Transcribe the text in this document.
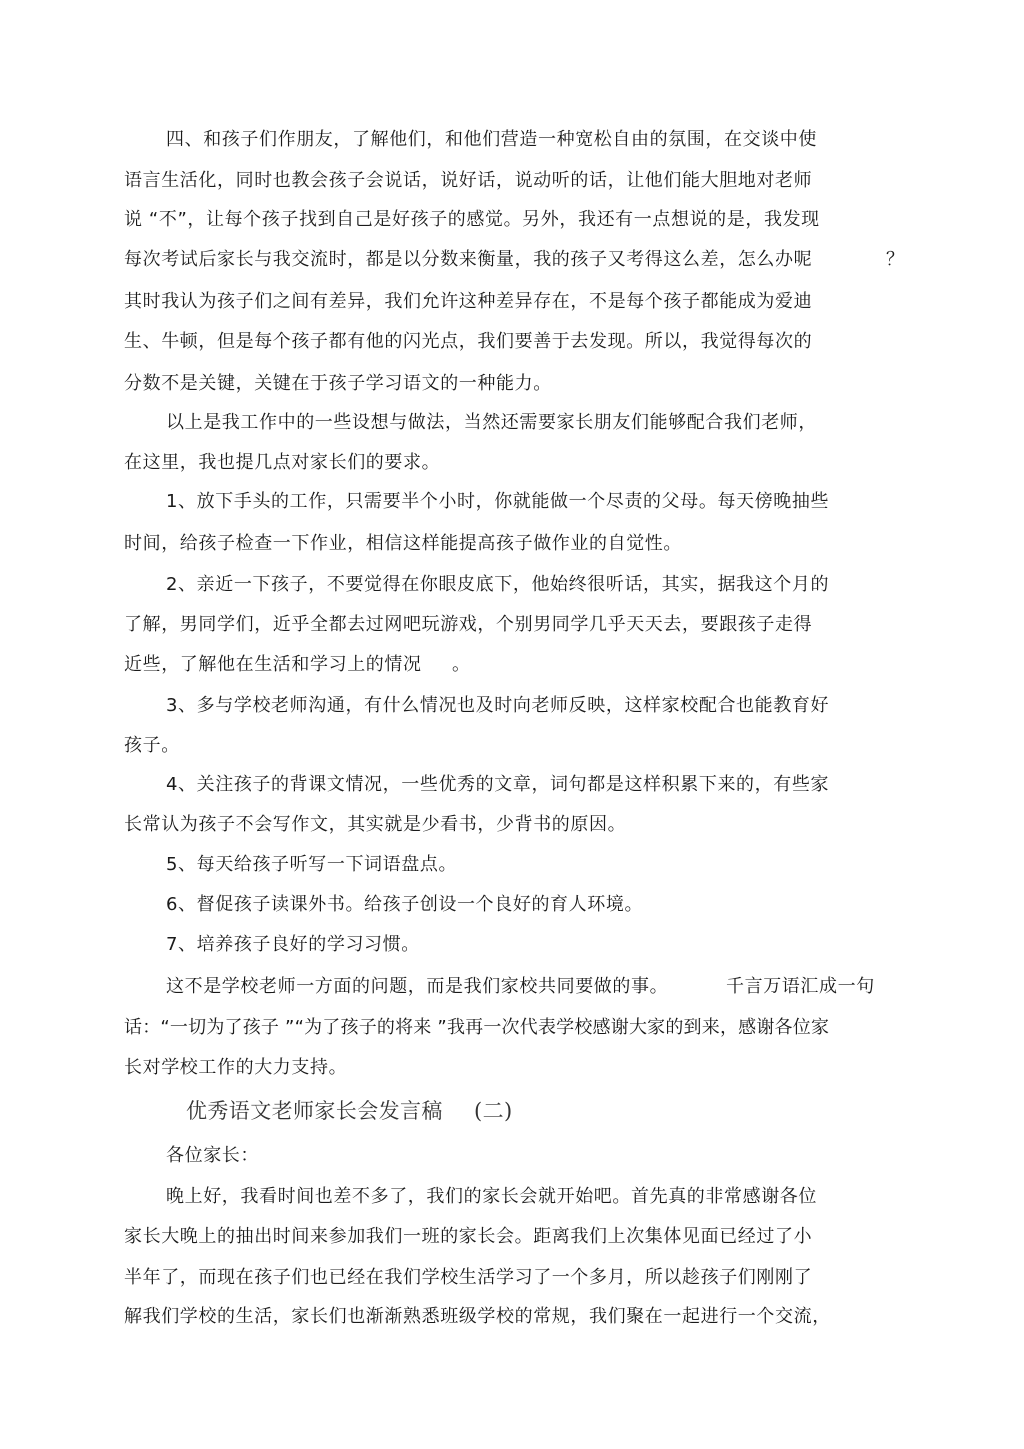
四、和孩子们作朋友，了解他们，和他们营造一种宽松自由的氛围，在交谈中使
语言生活化，同时也教会孩子会说话，说好话，说动听的话，让他们能大胆地对老师
说 “不”，让每个孩子找到自己是好孩子的感觉。另外，我还有一点想说的是，我发现
每次考试后家长与我交流时，都是以分数来衡量，我的孩子又考得这么差，怎么办呢	？
其时我认为孩子们之间有差异，我们允许这种差异存在，不是每个孩子都能成为爱迪
生、牛顿，但是每个孩子都有他的闪光点，我们要善于去发现。所以，我觉得每次的
分数不是关键，关键在于孩子学习语文的一种能力。
以上是我工作中的一些设想与做法，当然还需要家长朋友们能够配合我们老师，
在这里，我也提几点对家长们的要求。
1、放下手头的工作，只需要半个小时，你就能做一个尽责的父母。每天傍晚抽些
时间，给孩子检查一下作业，相信这样能提高孩子做作业的自觉性。
2、亲近一下孩子，不要觉得在你眼皮底下，他始终很听话，其实，据我这个月的
了解，男同学们，近乎全都去过网吧玩游戏，个别男同学几乎天天去，要跟孩子走得
近些，了解他在生活和学习上的情况 。
3、多与学校老师沟通，有什么情况也及时向老师反映，这样家校配合也能教育好
孩子。
4、关注孩子的背课文情况，一些优秀的文章，词句都是这样积累下来的，有些家
长常认为孩子不会写作文，其实就是少看书，少背书的原因。
5、每天给孩子听写一下词语盘点。
6、督促孩子读课外书。给孩子创设一个良好的育人环境。
7、培养孩子良好的学习习惯。
这不是学校老师一方面的问题，而是我们家校共同要做的事。	千言万语汇成一句
话：“一切为了孩子 ”“为了孩子的将来 ”我再一次代表学校感谢大家的到来，感谢各位家
长对学校工作的大力支持。
优秀语文老师家长会发言稿 (二)
各位家长：
晚上好，我看时间也差不多了，我们的家长会就开始吧。首先真的非常感谢各位
家长大晚上的抽出时间来参加我们一班的家长会。距离我们上次集体见面已经过了小
半年了，而现在孩子们也已经在我们学校生活学习了一个多月，所以趁孩子们刚刚了
解我们学校的生活，家长们也渐渐熟悉班级学校的常规，我们聚在一起进行一个交流，
